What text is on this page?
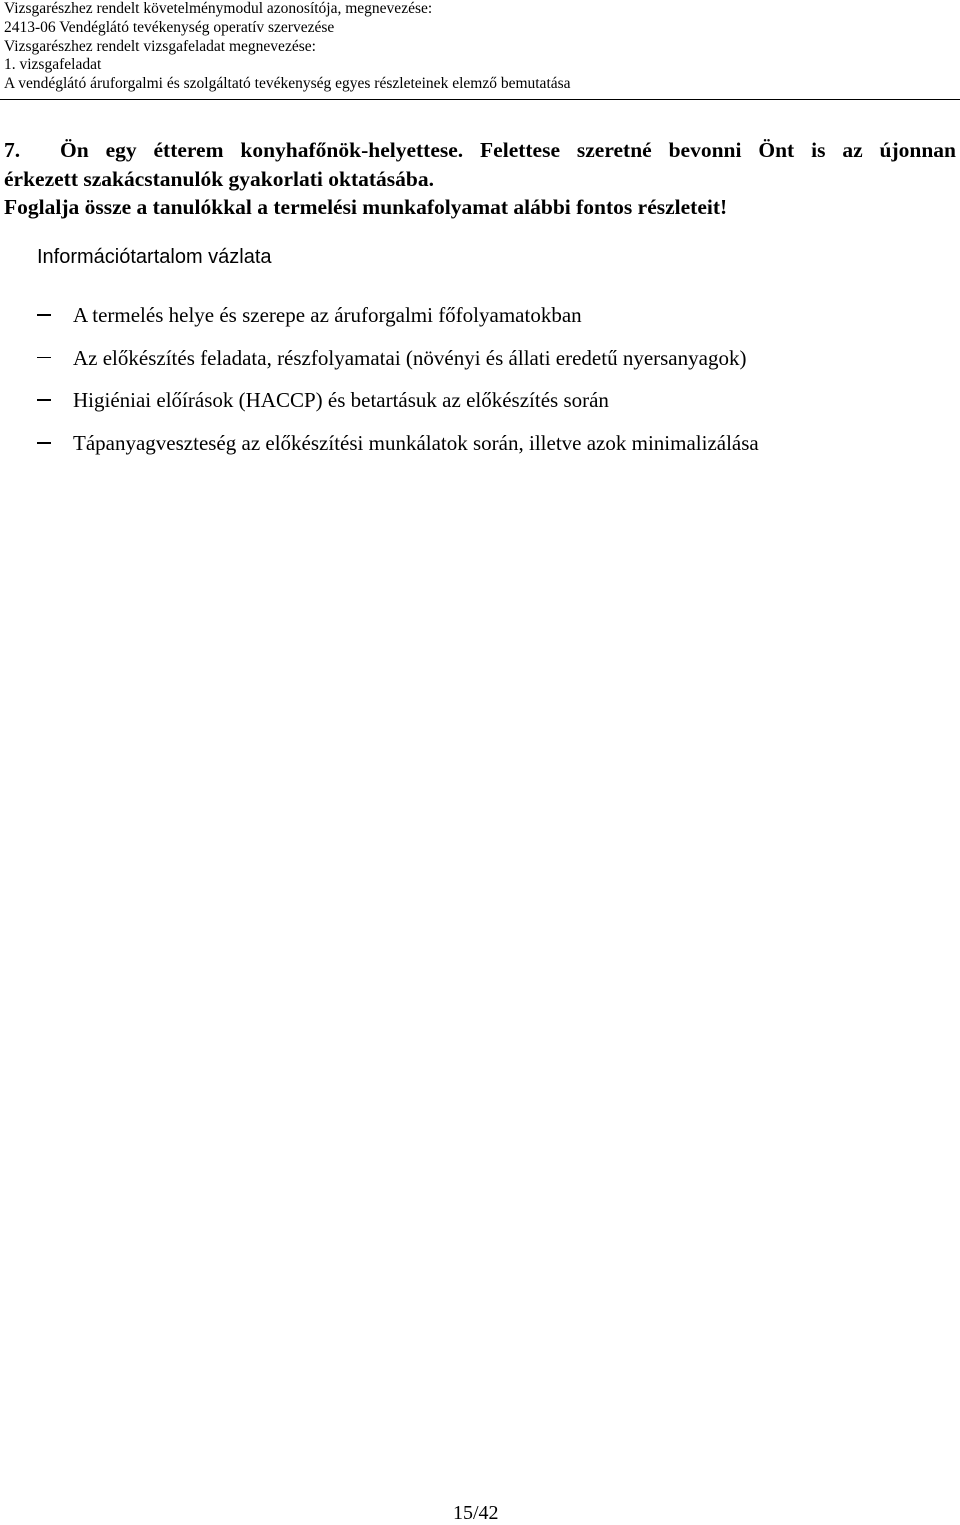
Vizsgarészhez rendelt követelménymodul azonosítója, megnevezése:
2413-06 Vendéglátó tevékenység operatív szervezése
Vizsgarészhez rendelt vizsgafeladat megnevezése:
1. vizsgafeladat
A vendéglátó áruforgalmi és szolgáltató tevékenység egyes részleteinek elemző bemutatása
7.	Ön egy étterem konyhafőnök-helyettese. Felettese szeretné bevonni Önt is az újonnan
érkezett szakácstanulók gyakorlati oktatásába.
Foglalja össze a tanulókkal a termelési munkafolyamat alábbi fontos részleteit!
Információtartalom vázlata
A termelés helye és szerepe az áruforgalmi főfolyamatokban
Az előkészítés feladata, részfolyamatai (növényi és állati eredetű nyersanyagok)
Higiéniai előírások (HACCP) és betartásuk az előkészítés során
Tápanyagveszteség az előkészítési munkálatok során, illetve azok minimalizálása
15/42
